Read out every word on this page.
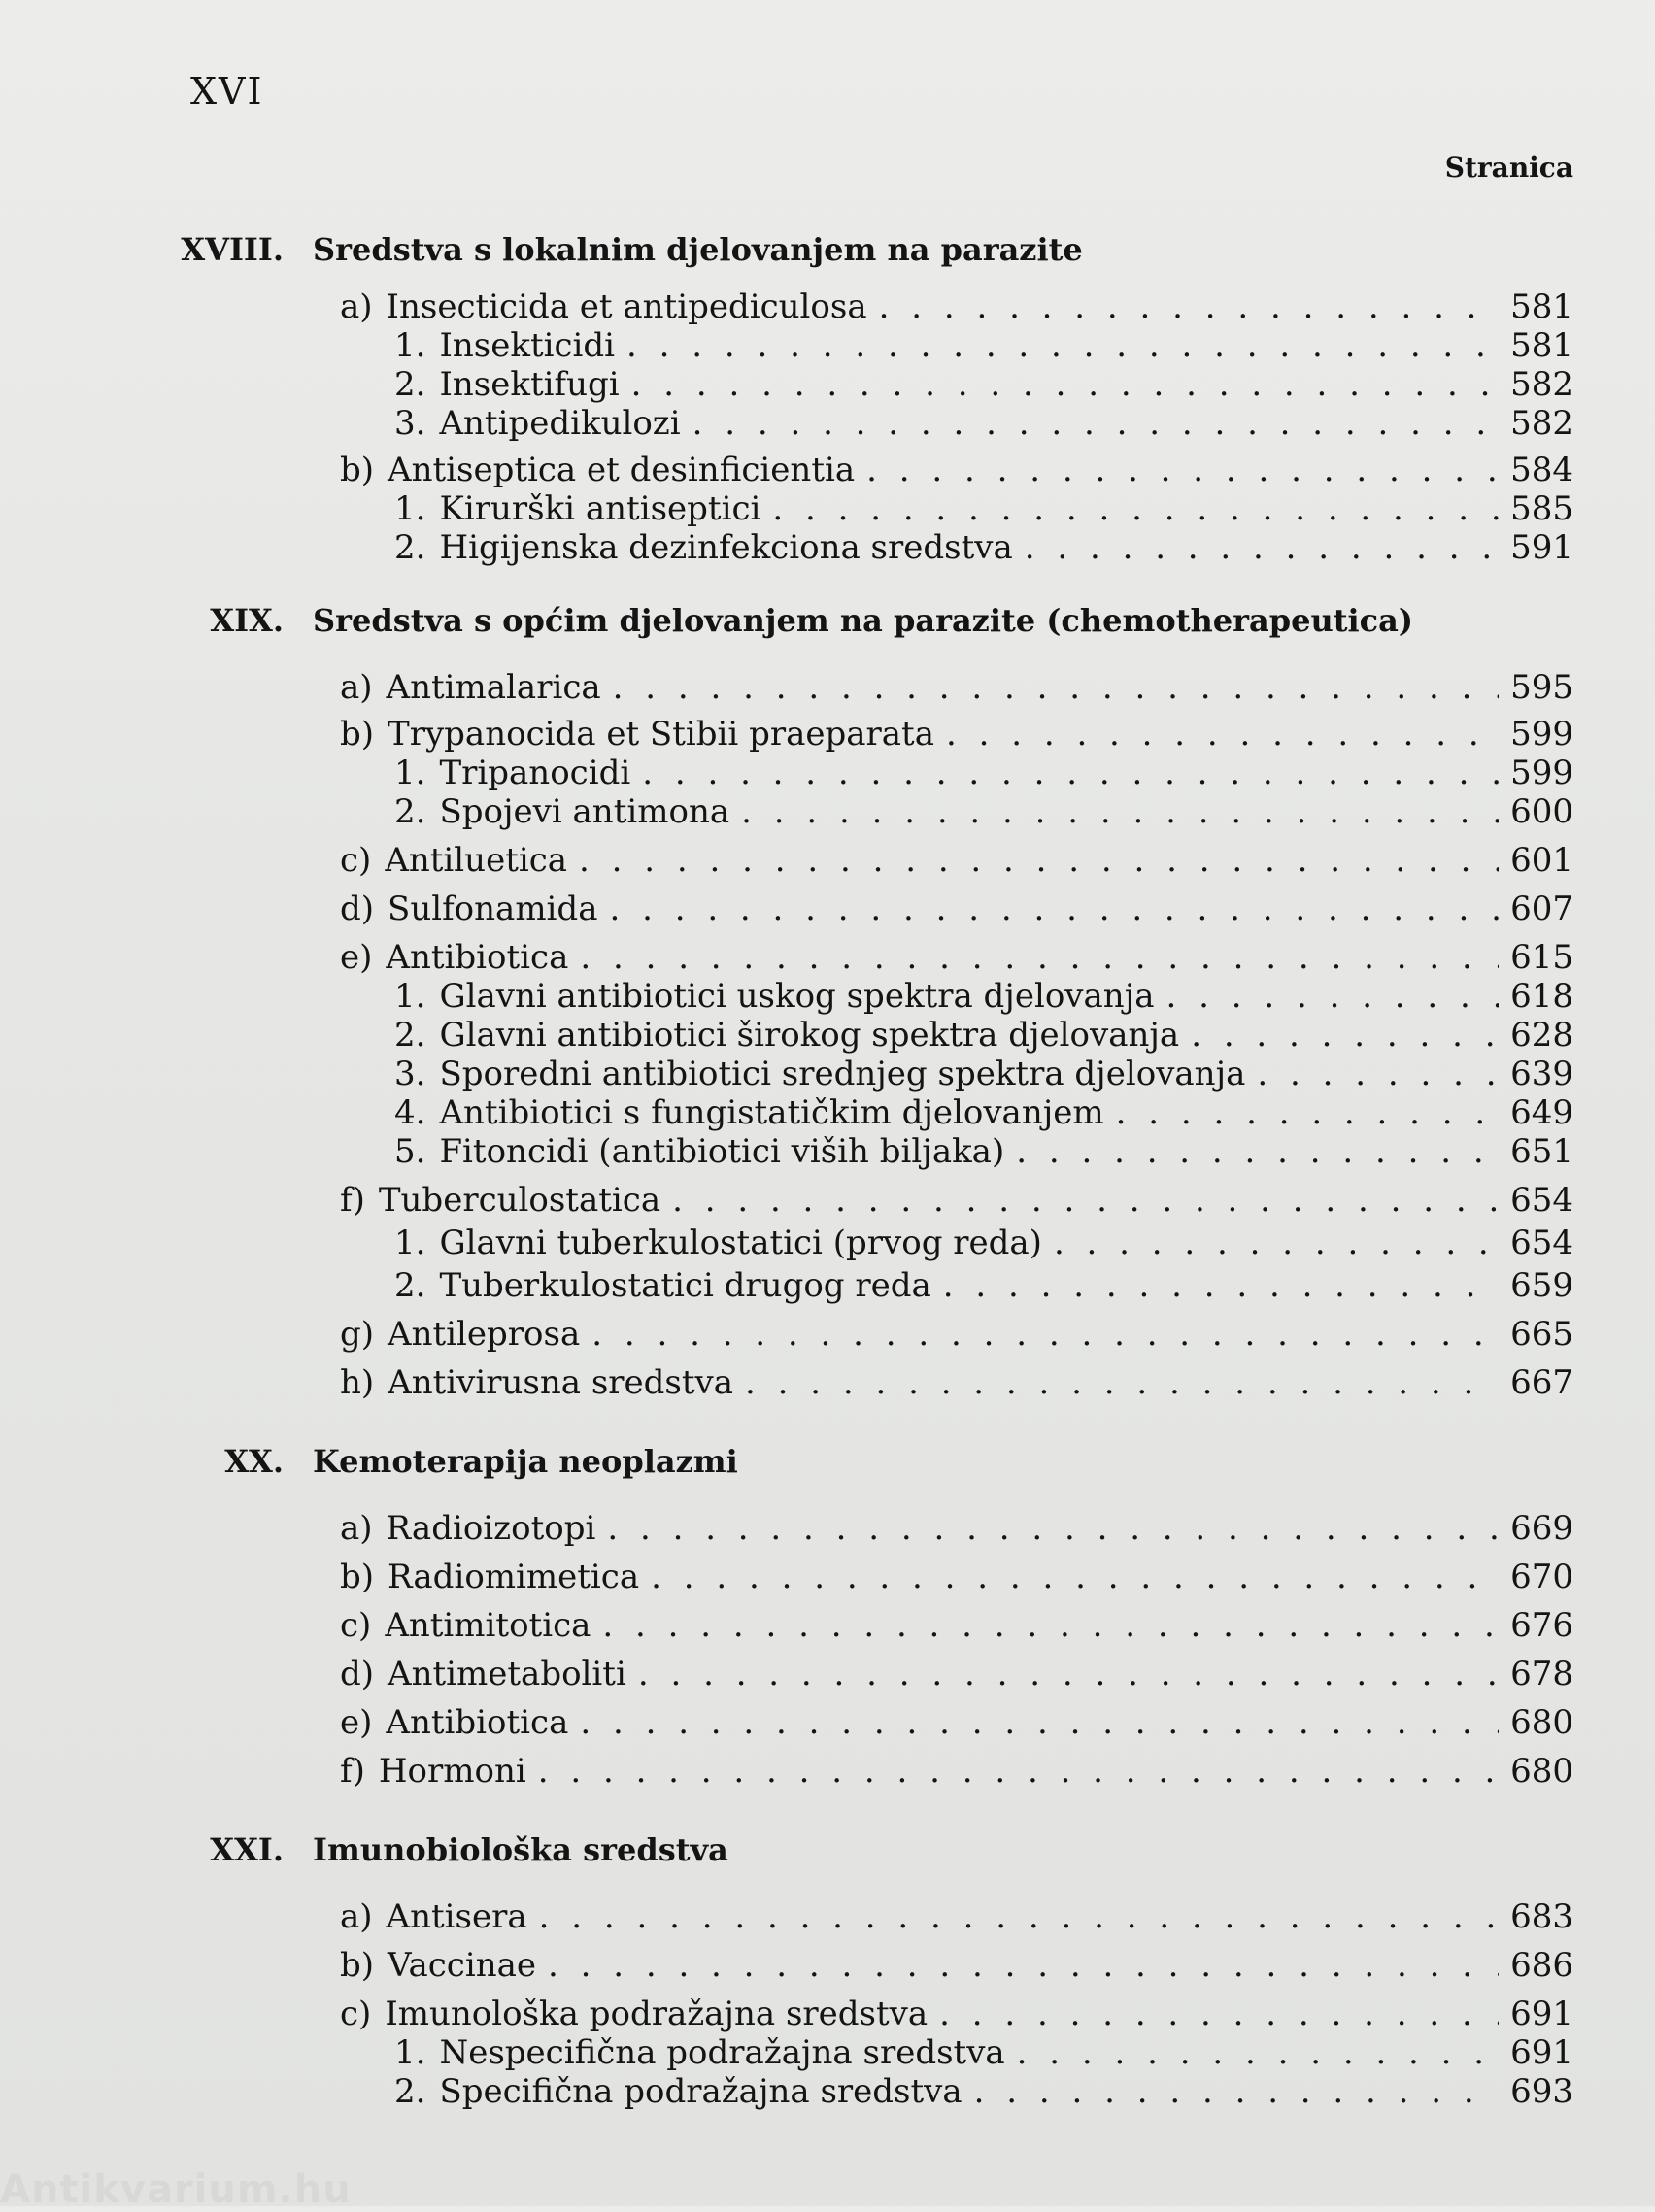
XVI
Stranica
XVIII. Sredstva s lokalnim djelovanjem na parazite
a) Insecticida et antipediculosa . . .	581
1. Insekticidi . . .	581
2. Insektifugi . . .	582
3. Antipedikulozi . . .	582
b) Antiseptica et desinficientia . . .	584
1. Kirurški antiseptici . . .	585
2. Higijenska dezinfekciona sredstva . . .	591
XIX. Sredstva s općim djelovanjem na parazite (chemotherapeutica)
a) Antimalarica . . .	595
b) Trypanocida et Stibii praeparata . . .	599
1. Tripanocidi . . .	599
2. Spojevi antimona . . .	600
c) Antiluetica . . .	601
d) Sulfonamida . . .	607
e) Antibiotica . . .	615
1. Glavni antibiotici uskog spektra djelovanja . . .	618
2. Glavni antibiotici širokog spektra djelovanja . . .	628
3. Sporedni antibiotici srednjeg spektra djelovanja . . .	639
4. Antibiotici s fungistatičkim djelovanjem . . .	649
5. Fitoncidi (antibiotici viših biljaka) . . .	651
f) Tuberculostatica . . .	654
1. Glavni tuberkulostatici (prvog reda) . . .	654
2. Tuberkulostatici drugog reda . . .	659
g) Antileprosa . . .	665
h) Antivirusna sredstva . . .	667
XX. Kemoterapija neoplazmi
a) Radioizotopi . . .	669
b) Radiomimetica . . .	670
c) Antimitotica . . .	676
d) Antimetaboliti . . .	678
e) Antibiotica . . .	680
f) Hormoni . . .	680
XXI. Imunobiološka sredstva
a) Antisera . . .	683
b) Vaccinae . . .	686
c) Imunološka podražajna sredstva . . .	691
1. Nespecifična podražajna sredstva . . .	691
2. Specifična podražajna sredstva . . .	693
Antikvarium.hu
